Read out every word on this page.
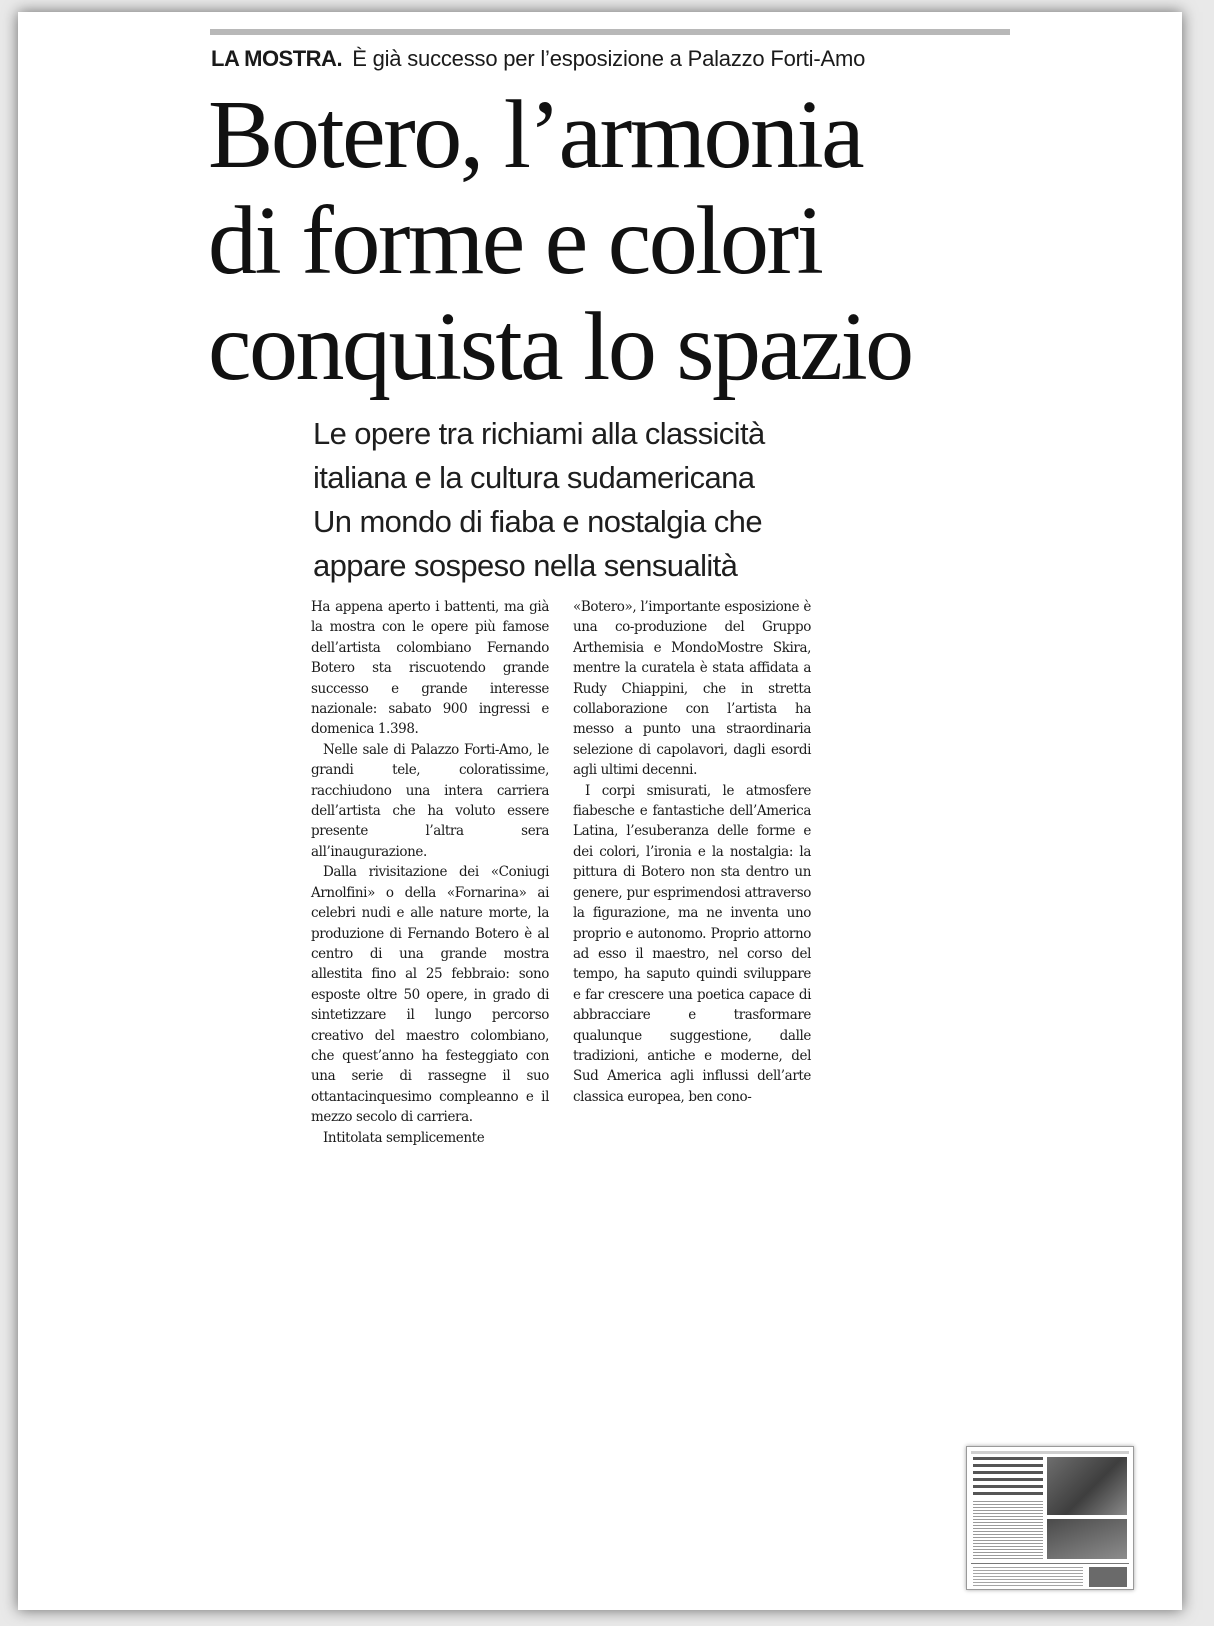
LA MOSTRA. È già successo per l’esposizione a Palazzo Forti-Amo
Botero, l’armonia
di forme e colori
conquista lo spazio
Le opere tra richiami alla classicità
italiana e la cultura sudamericana
Un mondo di fiaba e nostalgia che
appare sospeso nella sensualità

Ha appena aperto i battenti, ma già la mostra con le opere più famose dell’artista colombiano Fernando Botero sta riscuotendo grande successo e grande interesse nazionale: sabato 900 ingressi e domenica 1.398.

Nelle sale di Palazzo Forti-Amo, le grandi tele, coloratissime, racchiudono una intera carriera dell’artista che ha voluto essere presente l’altra sera all’inaugurazione.

Dalla rivisitazione dei «Coniugi Arnolfini» o della «Fornarina» ai celebri nudi e alle nature morte, la produzione di Fernando Botero è al centro di una grande mostra allestita fino al 25 febbraio: sono esposte oltre 50 opere, in grado di sintetizzare il lungo percorso creativo del maestro colombiano, che quest’anno ha festeggiato con una serie di rassegne il suo ottantacinquesimo compleanno e il mezzo secolo di carriera.

Intitolata semplicemente

«Botero», l’importante esposizione è una co-produzione del Gruppo Arthemisia e MondoMostre Skira, mentre la curatela è stata affidata a Rudy Chiappini, che in stretta collaborazione con l’artista ha messo a punto una straordinaria selezione di capolavori, dagli esordi agli ultimi decenni.

I corpi smisurati, le atmosfere fiabesche e fantastiche dell’America Latina, l’esuberanza delle forme e dei colori, l’ironia e la nostalgia: la pittura di Botero non sta dentro un genere, pur esprimendosi attraverso la figurazione, ma ne inventa uno proprio e autonomo. Proprio attorno ad esso il maestro, nel corso del tempo, ha saputo quindi sviluppare e far crescere una poetica capace di abbracciare e trasformare qualunque suggestione, dalle tradizioni, antiche e moderne, del Sud America agli influssi dell’arte classica europea, ben cono-
